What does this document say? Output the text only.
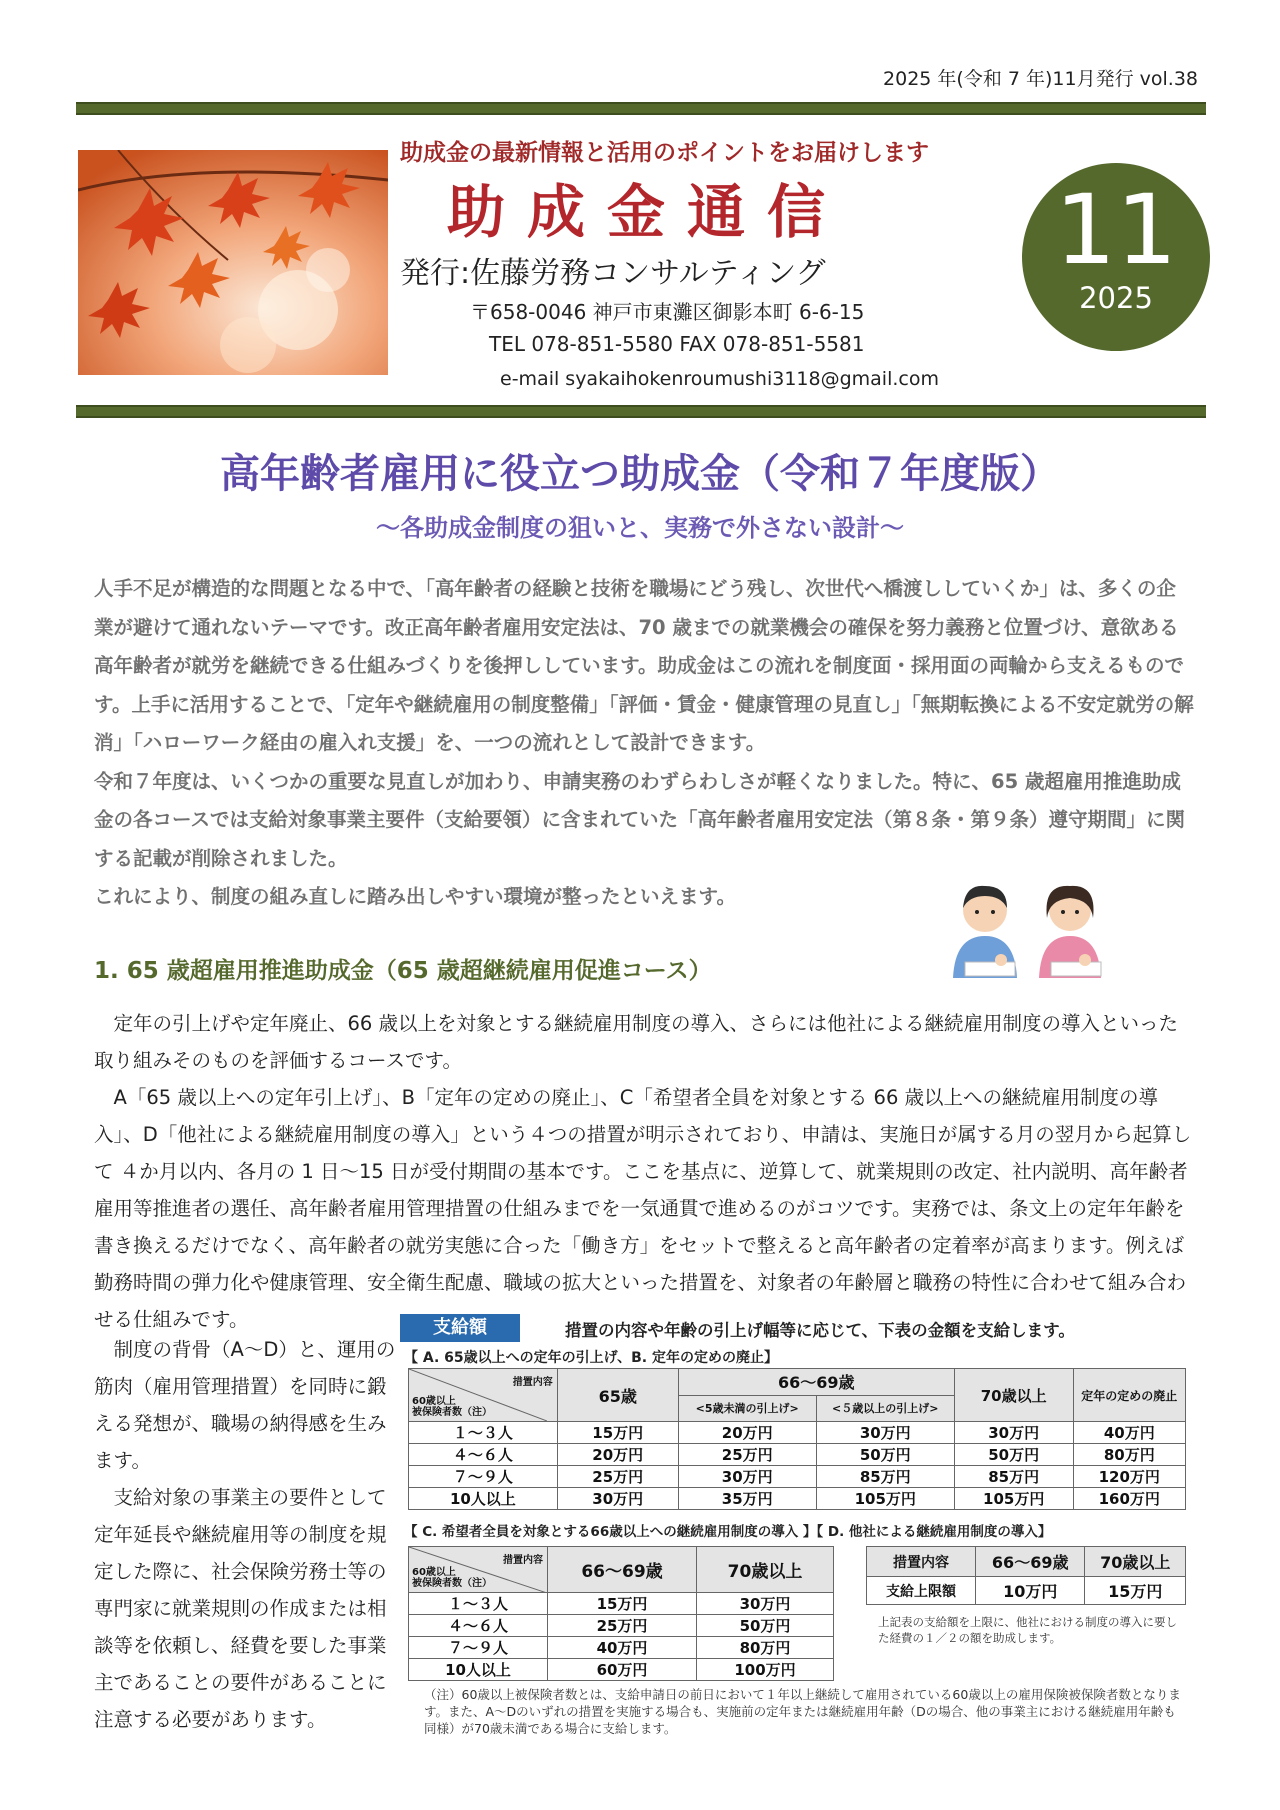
2025 年(令和 7 年)11月発行 vol.38
助成金の最新情報と活用のポイントをお届けします
助成金通信
発行:佐藤労務コンサルティング
〒658-0046 神戸市東灘区御影本町 6-6-15
TEL 078-851-5580 FAX 078-851-5581
e-mail syakaihokenroumushi3118@gmail.com
11
2025
高年齢者雇用に役立つ助成金（令和７年度版）
～各助成金制度の狙いと、実務で外さない設計～

人手不足が構造的な問題となる中で、「高年齢者の経験と技術を職場にどう残し、次世代へ橋渡ししていくか」は、多くの企業が避けて通れないテーマです。改正高年齢者雇用安定法は、70 歳までの就業機会の確保を努力義務と位置づけ、意欲ある高年齢者が就労を継続できる仕組みづくりを後押ししています。助成金はこの流れを制度面・採用面の両輪から支えるものです。上手に活用することで、「定年や継続雇用の制度整備」「評価・賃金・健康管理の見直し」「無期転換による不安定就労の解消」「ハローワーク経由の雇入れ支援」を、一つの流れとして設計できます。

令和７年度は、いくつかの重要な見直しが加わり、申請実務のわずらわしさが軽くなりました。特に、65 歳超雇用推進助成金の各コースでは支給対象事業主要件（支給要領）に含まれていた「高年齢者雇用安定法（第８条・第９条）遵守期間」に関する記載が削除されました。

これにより、制度の組み直しに踏み出しやすい環境が整ったといえます。

1. 65 歳超雇用推進助成金（65 歳超継続雇用促進コース）

　定年の引上げや定年廃止、66 歳以上を対象とする継続雇用制度の導入、さらには他社による継続雇用制度の導入といった取り組みそのものを評価するコースです。

　A「65 歳以上への定年引上げ」、B「定年の定めの廃止」、C「希望者全員を対象とする 66 歳以上への継続雇用制度の導入」、D「他社による継続雇用制度の導入」という４つの措置が明示されており、申請は、実施日が属する月の翌月から起算して ４か月以内、各月の 1 日～15 日が受付期間の基本です。ここを基点に、逆算して、就業規則の改定、社内説明、高年齢者雇用等推進者の選任、高年齢者雇用管理措置の仕組みまでを一気通貫で進めるのがコツです。実務では、条文上の定年年齢を書き換えるだけでなく、高年齢者の就労実態に合った「働き方」をセットで整えると高年齢者の定着率が高まります。例えば勤務時間の弾力化や健康管理、安全衛生配慮、職域の拡大といった措置を、対象者の年齢層と職務の特性に合わせて組み合わせる仕組みです。

　制度の背骨（A～D）と、運用の筋肉（雇用管理措置）を同時に鍛える発想が、職場の納得感を生みます。

　支給対象の事業主の要件として定年延長や継続雇用等の制度を規定した際に、社会保険労務士等の専門家に就業規則の作成または相談等を依頼し、経費を要した事業主であることの要件があることに注意する必要があります。

支給額	措置の内容や年齢の引上げ幅等に応じて、下表の金額を支給します。
【 A. 65歳以上への定年の引上げ、B. 定年の定めの廃止】
措置内容
60歳以上
被保険者数（注）	65歳	66～69歳		70歳以上	定年の定めの廃止
		<5歳未満の引上げ>	<５歳以上の引上げ>		
１～３人	15万円	20万円	30万円	30万円	40万円
４～６人	20万円	25万円	50万円	50万円	80万円
７～９人	25万円	30万円	85万円	85万円	120万円
10人以上	30万円	35万円	105万円	105万円	160万円
【 C. 希望者全員を対象とする66歳以上への継続雇用制度の導入 】【 D. 他社による継続雇用制度の導入】
措置内容
60歳以上
被保険者数（注）	66～69歳	70歳以上
１～３人	15万円	30万円
４～６人	25万円	50万円
７～９人	40万円	80万円
10人以上	60万円	100万円
措置内容	66～69歳	70歳以上
支給上限額	10万円	15万円
上記表の支給額を上限に、他社における制度の導入に要した経費の１／２の額を助成します。
（注）60歳以上被保険者数とは、支給申請日の前日において１年以上継続して雇用されている60歳以上の雇用保険被保険者数となります。また、A～Dのいずれの措置を実施する場合も、実施前の定年または継続雇用年齢（Dの場合、他の事業主における継続雇用年齢も同様）が70歳未満である場合に支給します。
